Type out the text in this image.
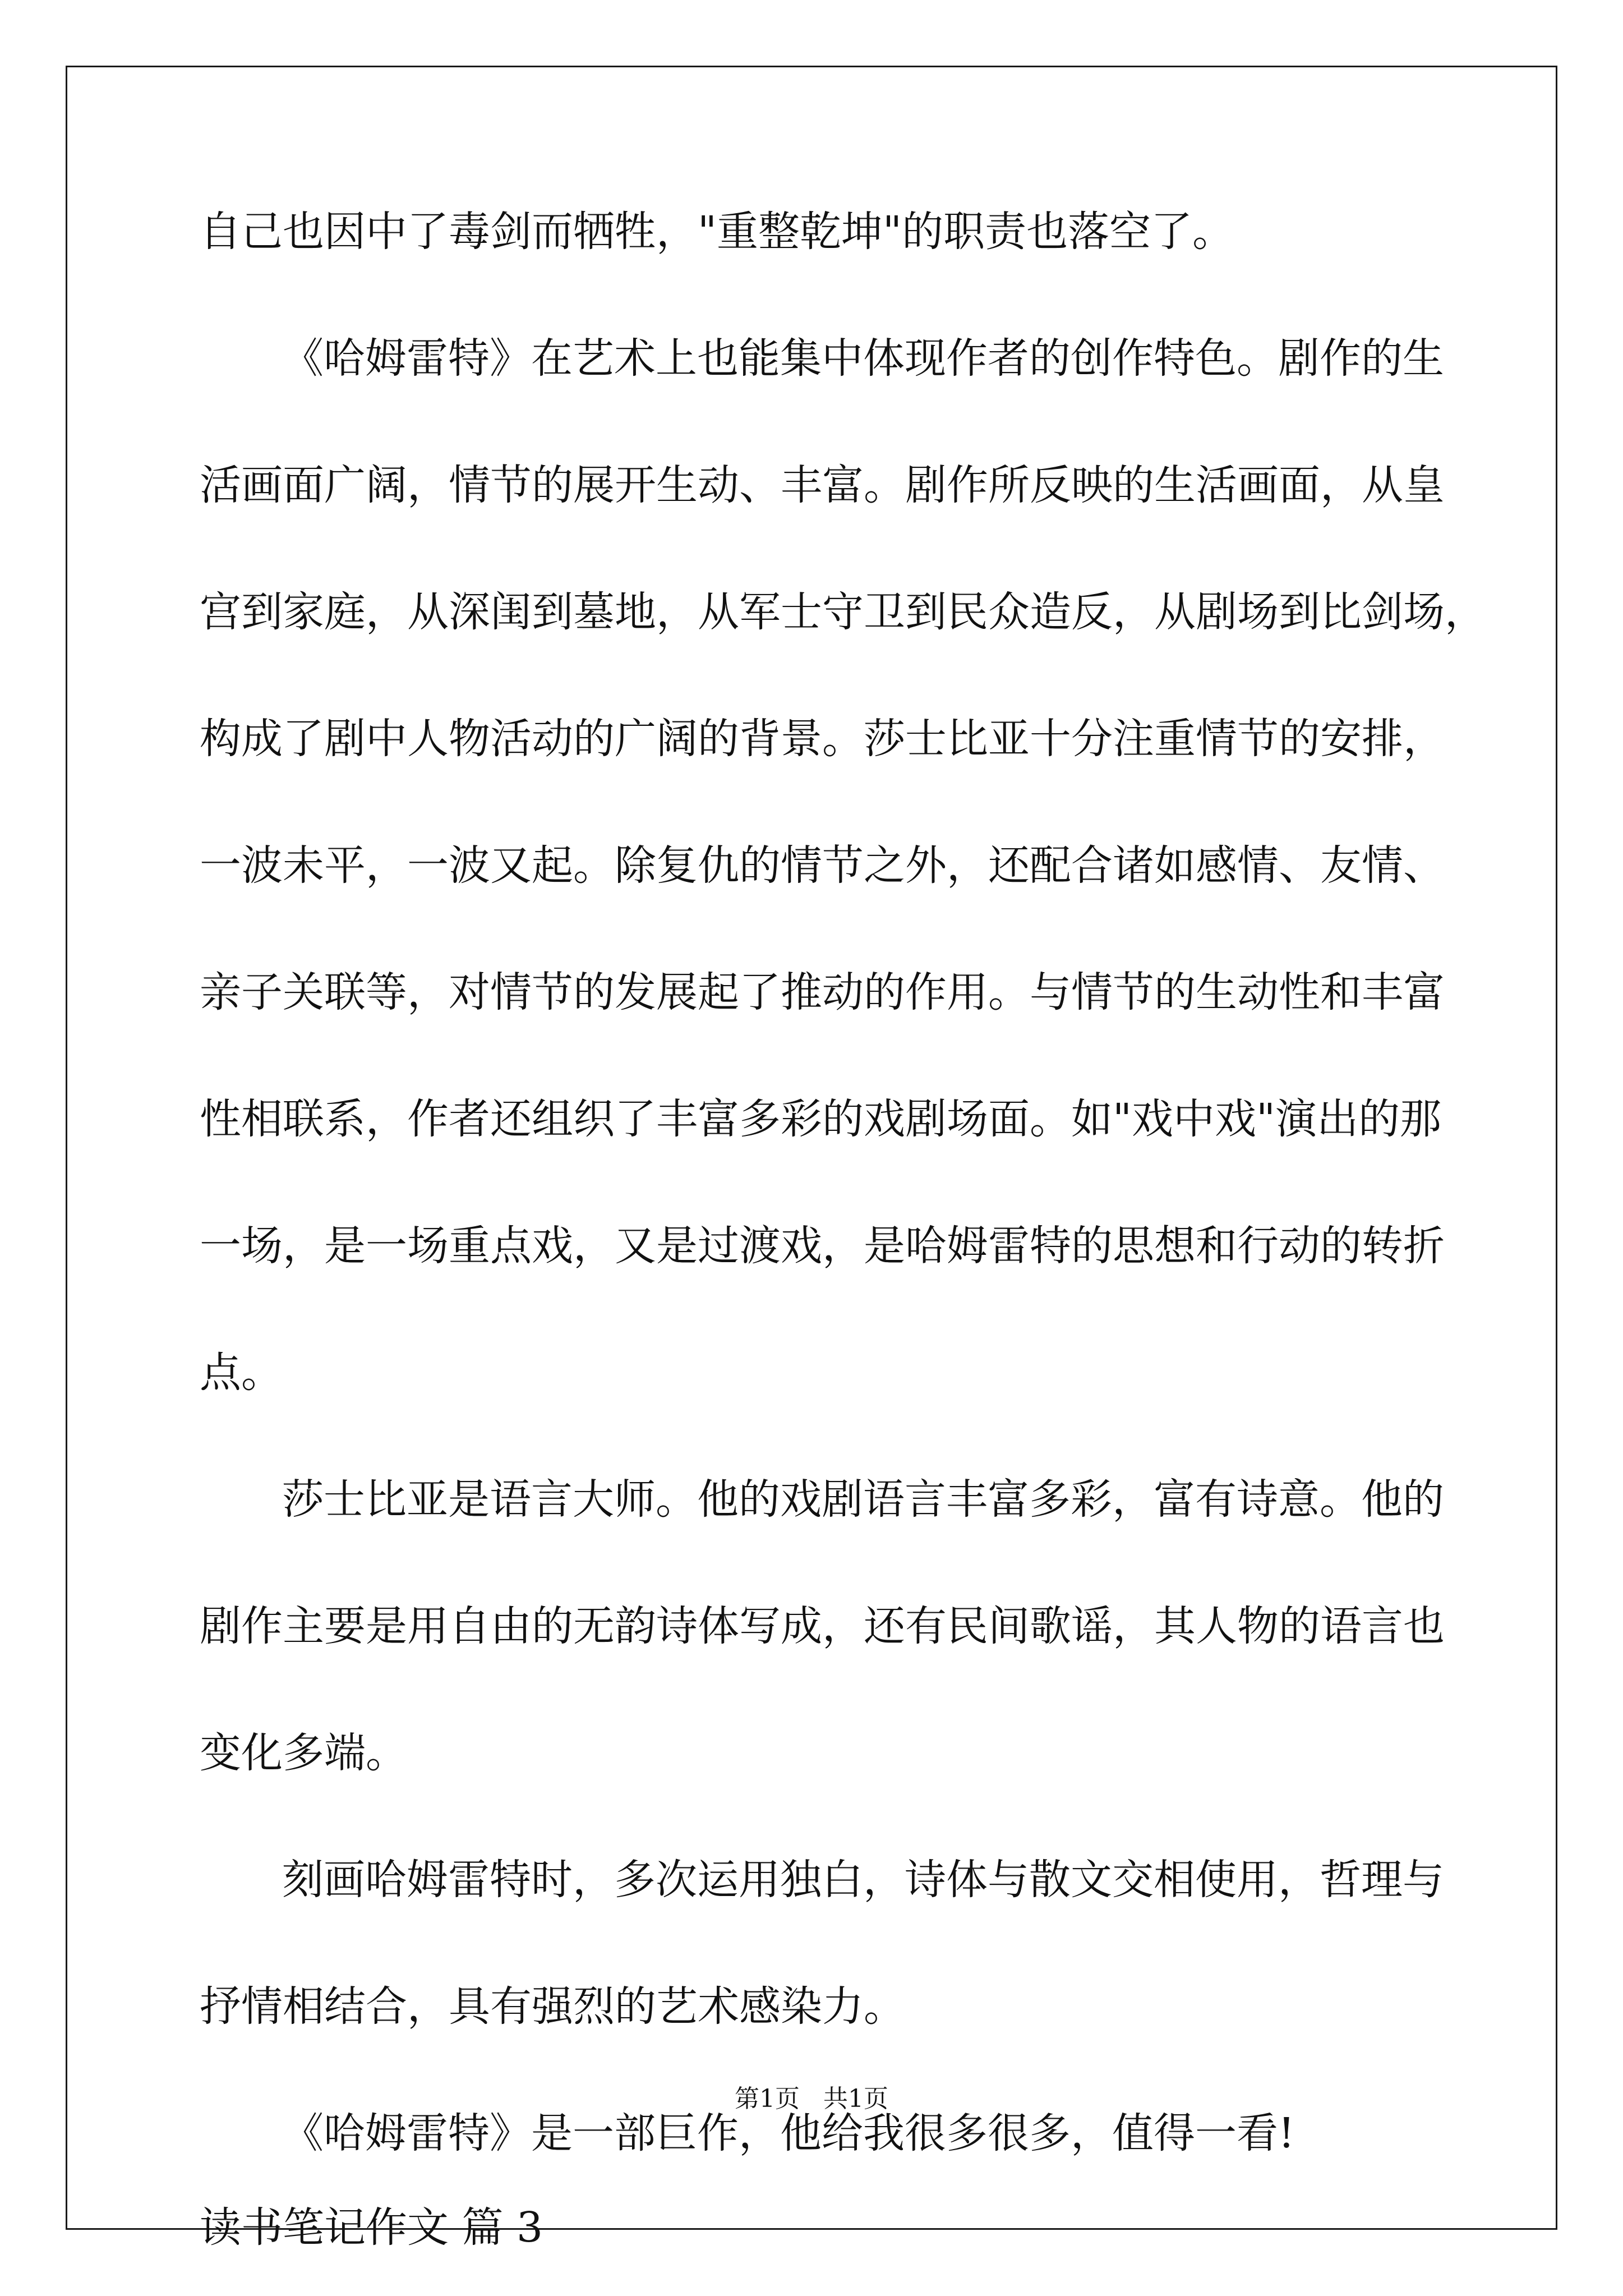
自己也因中了毒剑而牺牲，"重整乾坤"的职责也落空了。
《哈姆雷特》在艺术上也能集中体现作者的创作特色。剧作的生
活画面广阔，情节的展开生动、丰富。剧作所反映的生活画面，从皇
宫到家庭，从深闺到墓地，从军士守卫到民众造反，从剧场到比剑场，
构成了剧中人物活动的广阔的背景。莎士比亚十分注重情节的安排，
一波未平，一波又起。除复仇的情节之外，还配合诸如感情、友情、
亲子关联等，对情节的发展起了推动的作用。与情节的生动性和丰富
性相联系，作者还组织了丰富多彩的戏剧场面。如"戏中戏"演出的那
一场，是一场重点戏，又是过渡戏，是哈姆雷特的思想和行动的转折
点。
莎士比亚是语言大师。他的戏剧语言丰富多彩，富有诗意。他的
剧作主要是用自由的无韵诗体写成，还有民间歌谣，其人物的语言也
变化多端。
刻画哈姆雷特时，多次运用独白，诗体与散文交相使用，哲理与
抒情相结合，具有强烈的艺术感染力。
《哈姆雷特》是一部巨作，他给我很多很多，值得一看!
读书笔记作文 篇 3
第1页   共1页
